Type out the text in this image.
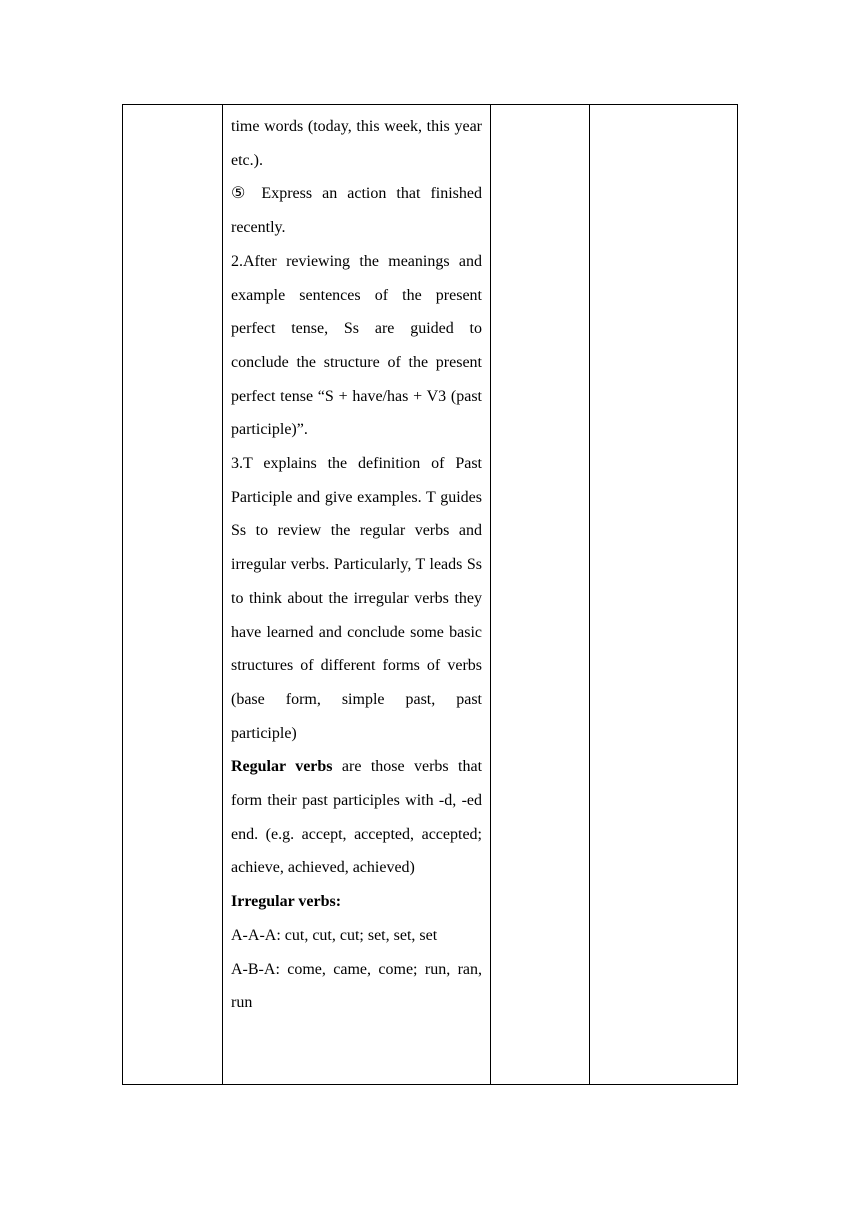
time words (today, this week, this year etc.).

⑤ Express an action that finished recently.

2.After reviewing the meanings and example sentences of the present perfect tense, Ss are guided to conclude the structure of the present perfect tense “S + have/has + V3 (past participle)”.

3.T explains the definition of Past Participle and give examples. T guides Ss to review the regular verbs and irregular verbs. Particularly, T leads Ss to think about the irregular verbs they have learned and conclude some basic structures of different forms of verbs (base form, simple past, past participle)

Regular verbs are those verbs that form their past participles with -d, -ed end. (e.g. accept, accepted, accepted; achieve, achieved, achieved)

Irregular verbs:

A-A-A: cut, cut, cut; set, set, set

A-B-A: come, came, come; run, ran, run
